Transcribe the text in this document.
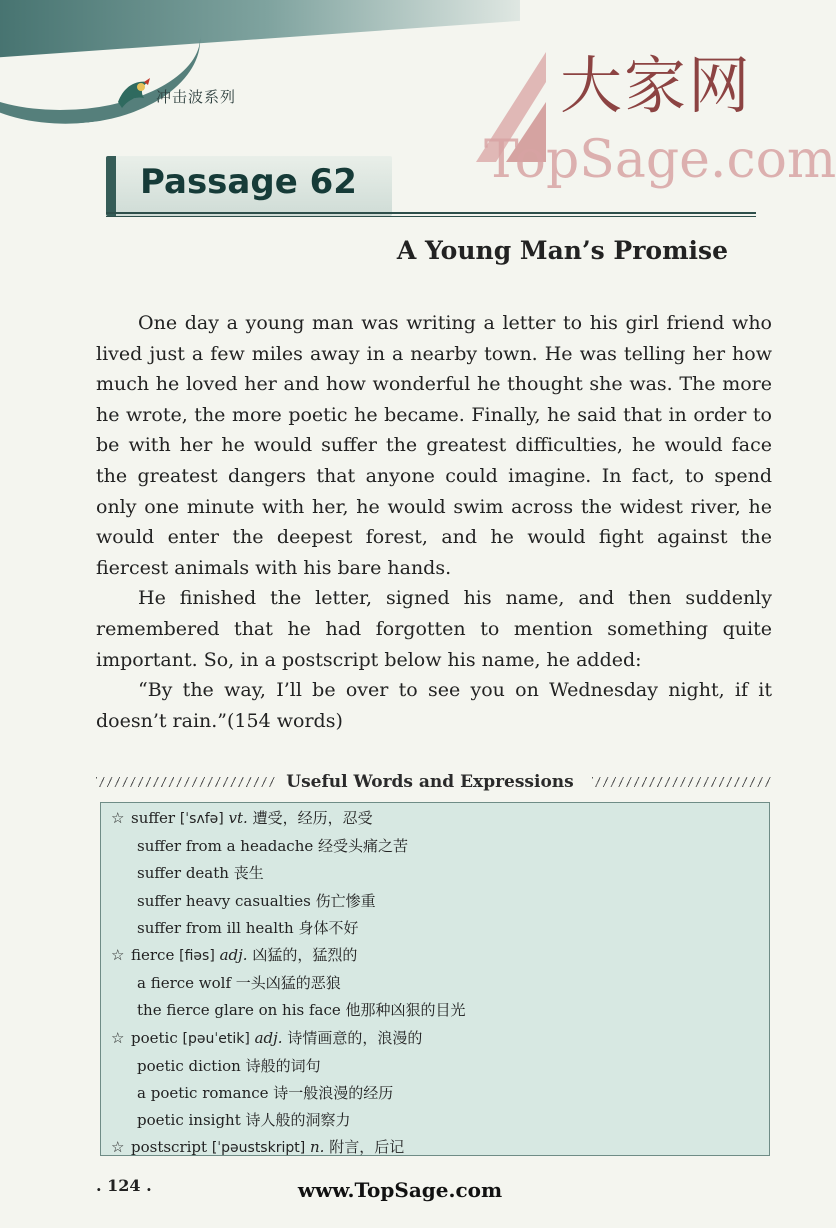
冲击波系列	大家网
TopSage.com
Passage 62
A Young Man’s Promise

One day a young man was writing a letter to his girl friend who lived just a few miles away in a nearby town. He was telling her how much he loved her and how wonderful he thought she was. The more he wrote, the more poetic he became. Finally, he said that in order to be with her he would suffer the greatest difficulties, he would face the greatest dangers that anyone could imagine. In fact, to spend only one minute with her, he would swim across the widest river, he would enter the deepest forest, and he would fight against the fiercest animals with his bare hands.

He finished the letter, signed his name, and then suddenly remembered that he had forgotten to mention something quite important. So, in a postscript below his name, he added:

“By the way, I’ll be over to see you on Wednesday night, if it doesn’t rain.”(154 words)

Useful Words and Expressions
☆ suffer [ˈsʌfə] vt. 遭受，经历，忍受
suffer from a headache 经受头痛之苦
suffer death 丧生
suffer heavy casualties 伤亡惨重
suffer from ill health 身体不好
☆ fierce [fiəs] adj. 凶猛的，猛烈的
a fierce wolf 一头凶猛的恶狼
the fierce glare on his face 他那种凶狠的目光
☆ poetic [pəuˈetik] adj. 诗情画意的，浪漫的
poetic diction 诗般的词句
a poetic romance 诗一般浪漫的经历
poetic insight 诗人般的洞察力
☆ postscript [ˈpəustskript] n. 附言，后记
. 124 .	www.TopSage.com
